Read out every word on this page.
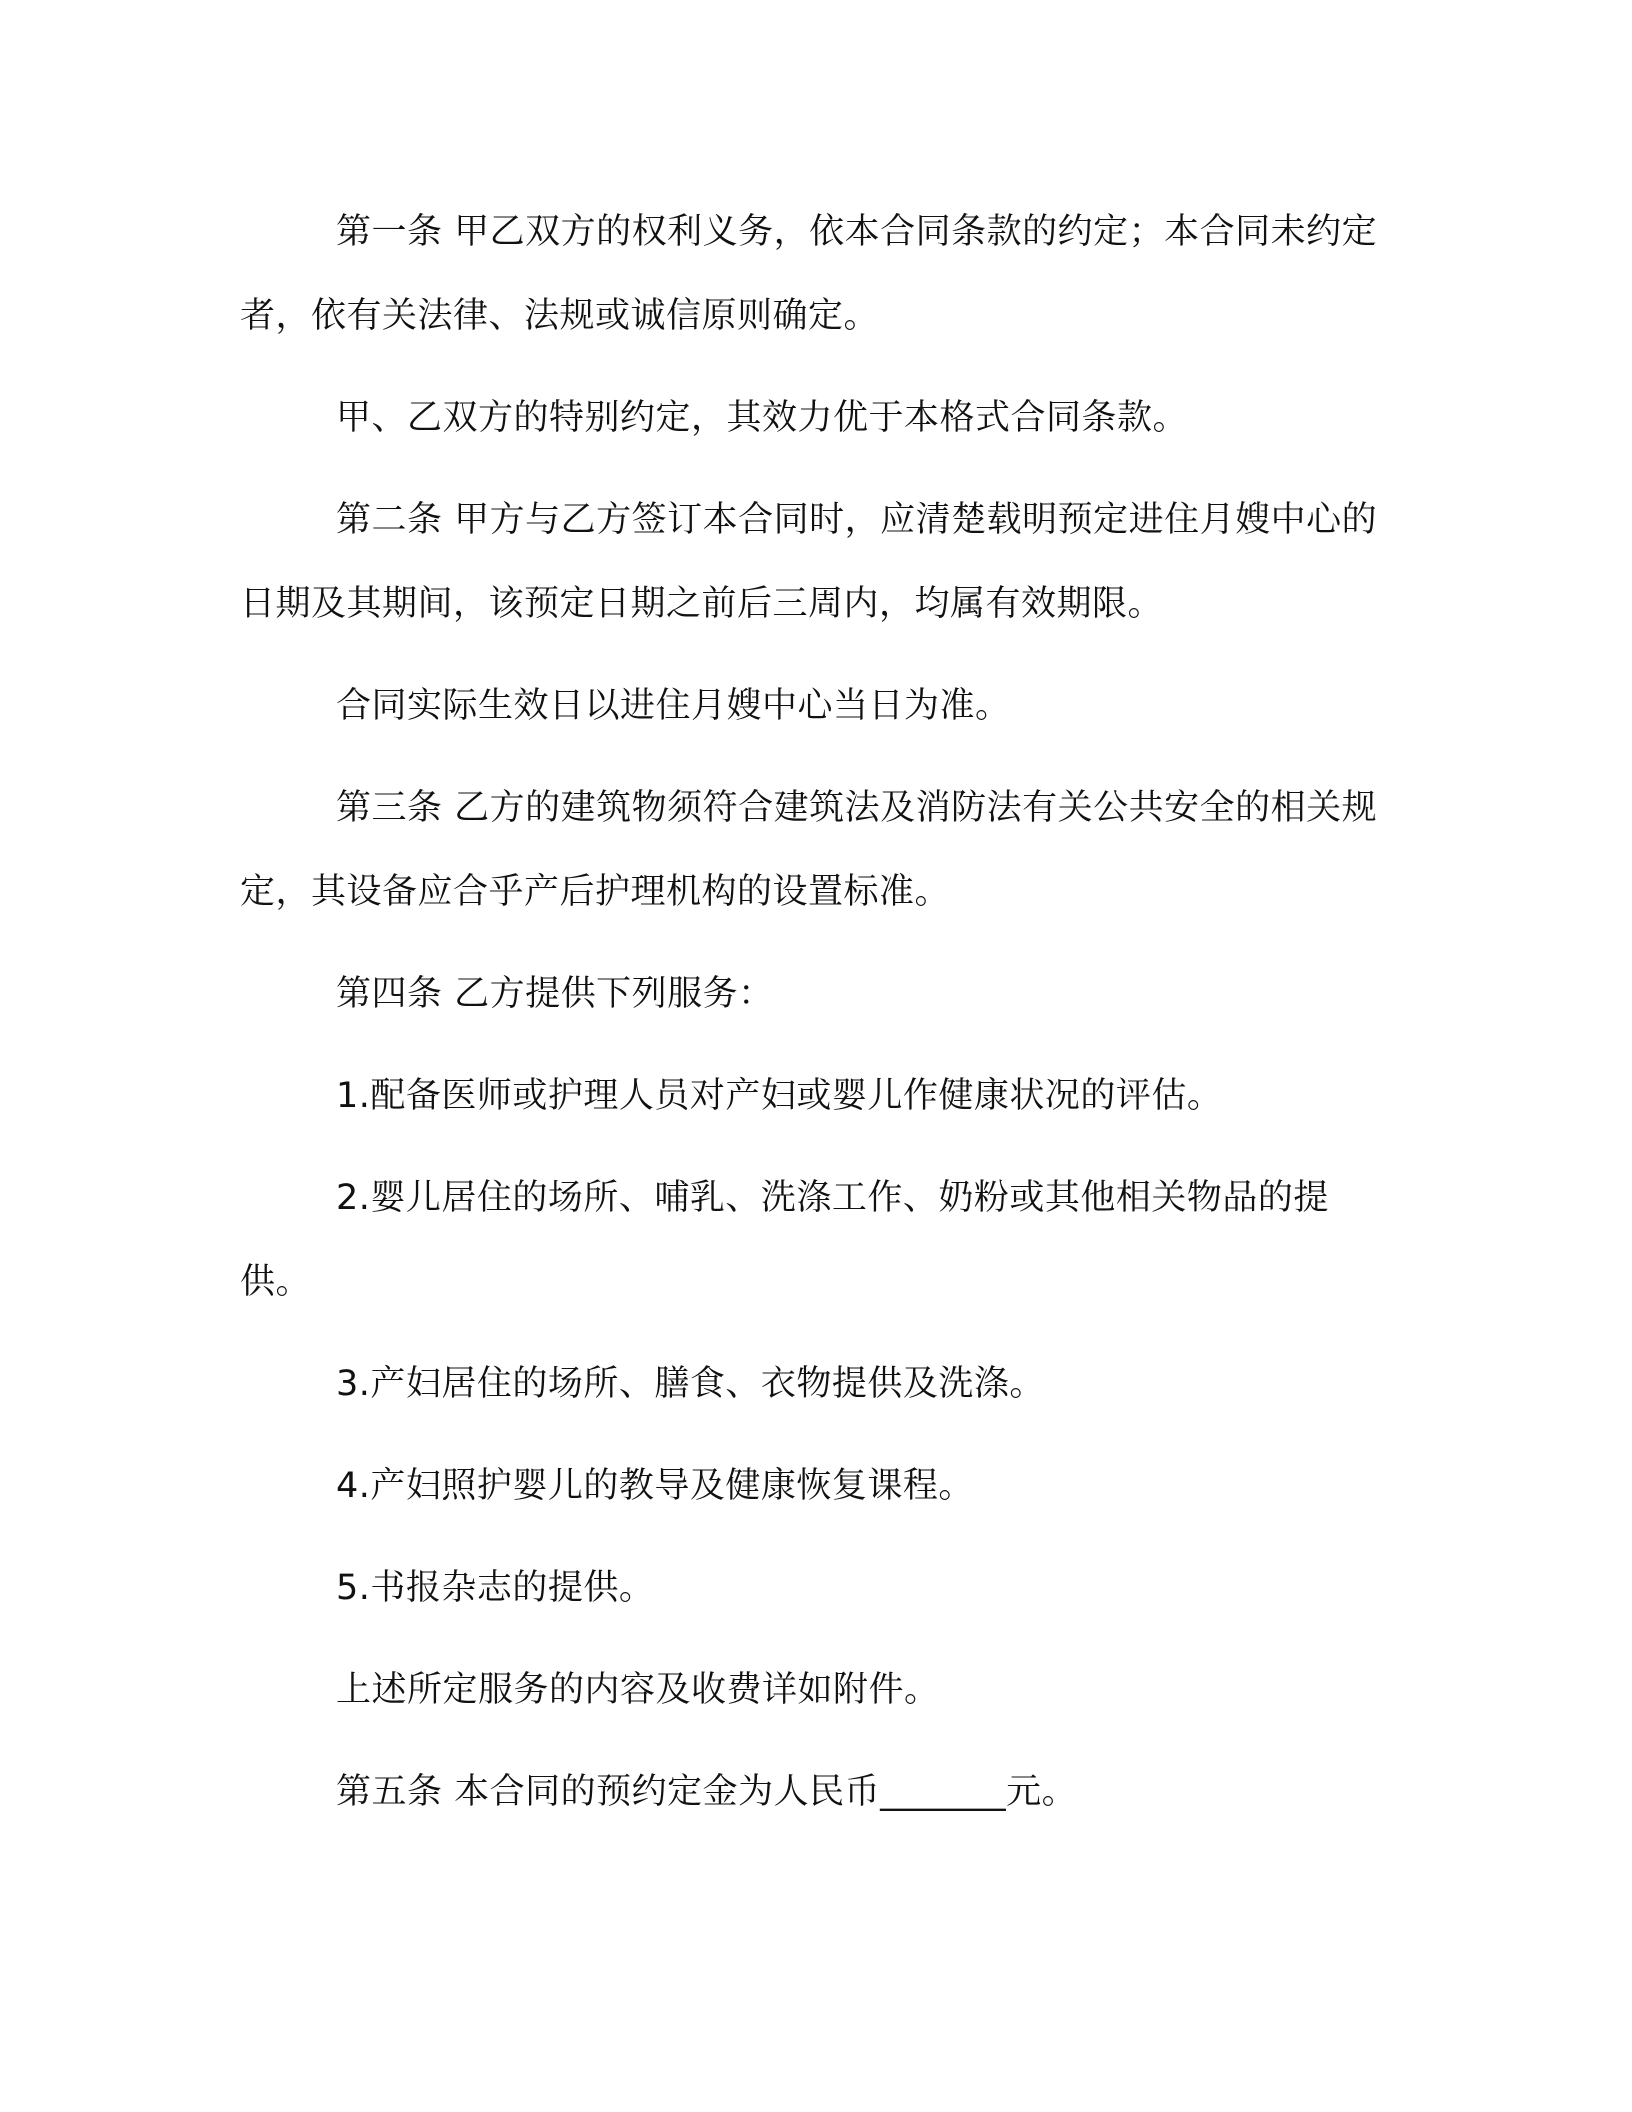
第一条 甲乙双方的权利义务，依本合同条款的约定；本合同未约定者，依有关法律、法规或诚信原则确定。

甲、乙双方的特别约定，其效力优于本格式合同条款。

第二条 甲方与乙方签订本合同时，应清楚载明预定进住月嫂中心的日期及其期间，该预定日期之前后三周内，均属有效期限。

合同实际生效日以进住月嫂中心当日为准。

第三条 乙方的建筑物须符合建筑法及消防法有关公共安全的相关规定，其设备应合乎产后护理机构的设置标准。

第四条 乙方提供下列服务：

1.配备医师或护理人员对产妇或婴儿作健康状况的评估。

2.婴儿居住的场所、哺乳、洗涤工作、奶粉或其他相关物品的提供。

3.产妇居住的场所、膳食、衣物提供及洗涤。

4.产妇照护婴儿的教导及健康恢复课程。

5.书报杂志的提供。

上述所定服务的内容及收费详如附件。

第五条 本合同的预约定金为人民币_______元。
